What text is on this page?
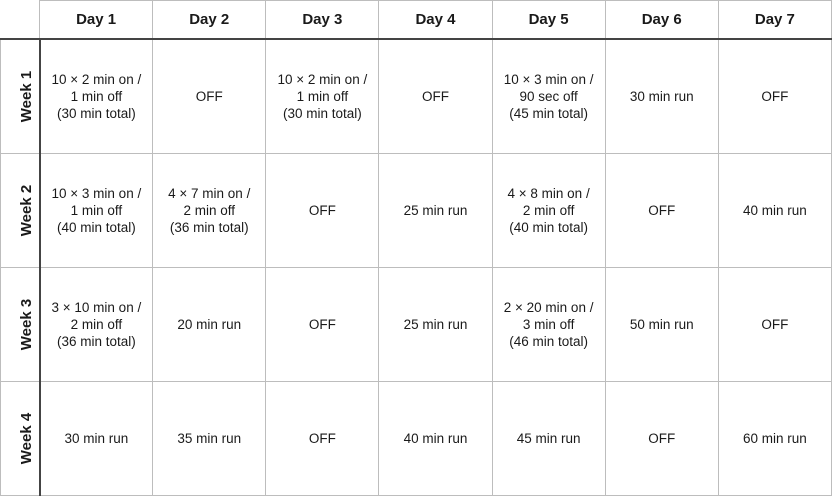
	Day 1	Day 2	Day 3	Day 4	Day 5	Day 6	Day 7
Week 1	10 × 2 min on /
1 min off
(30 min total)	OFF	10 × 2 min on /
1 min off
(30 min total)	OFF	10 × 3 min on /
90 sec off
(45 min total)	30 min run	OFF

Week 2	10 × 3 min on /
1 min off
(40 min total)	4 × 7 min on /
2 min off
(36 min total)	OFF	25 min run	4 × 8 min on /
2 min off
(40 min total)	OFF	40 min run

Week 3	3 × 10 min on /
2 min off
(36 min total)	20 min run	OFF	25 min run	2 × 20 min on /
3 min off
(46 min total)	50 min run	OFF

Week 4	30 min run	35 min run	OFF	40 min run	45 min run	OFF	60 min run
